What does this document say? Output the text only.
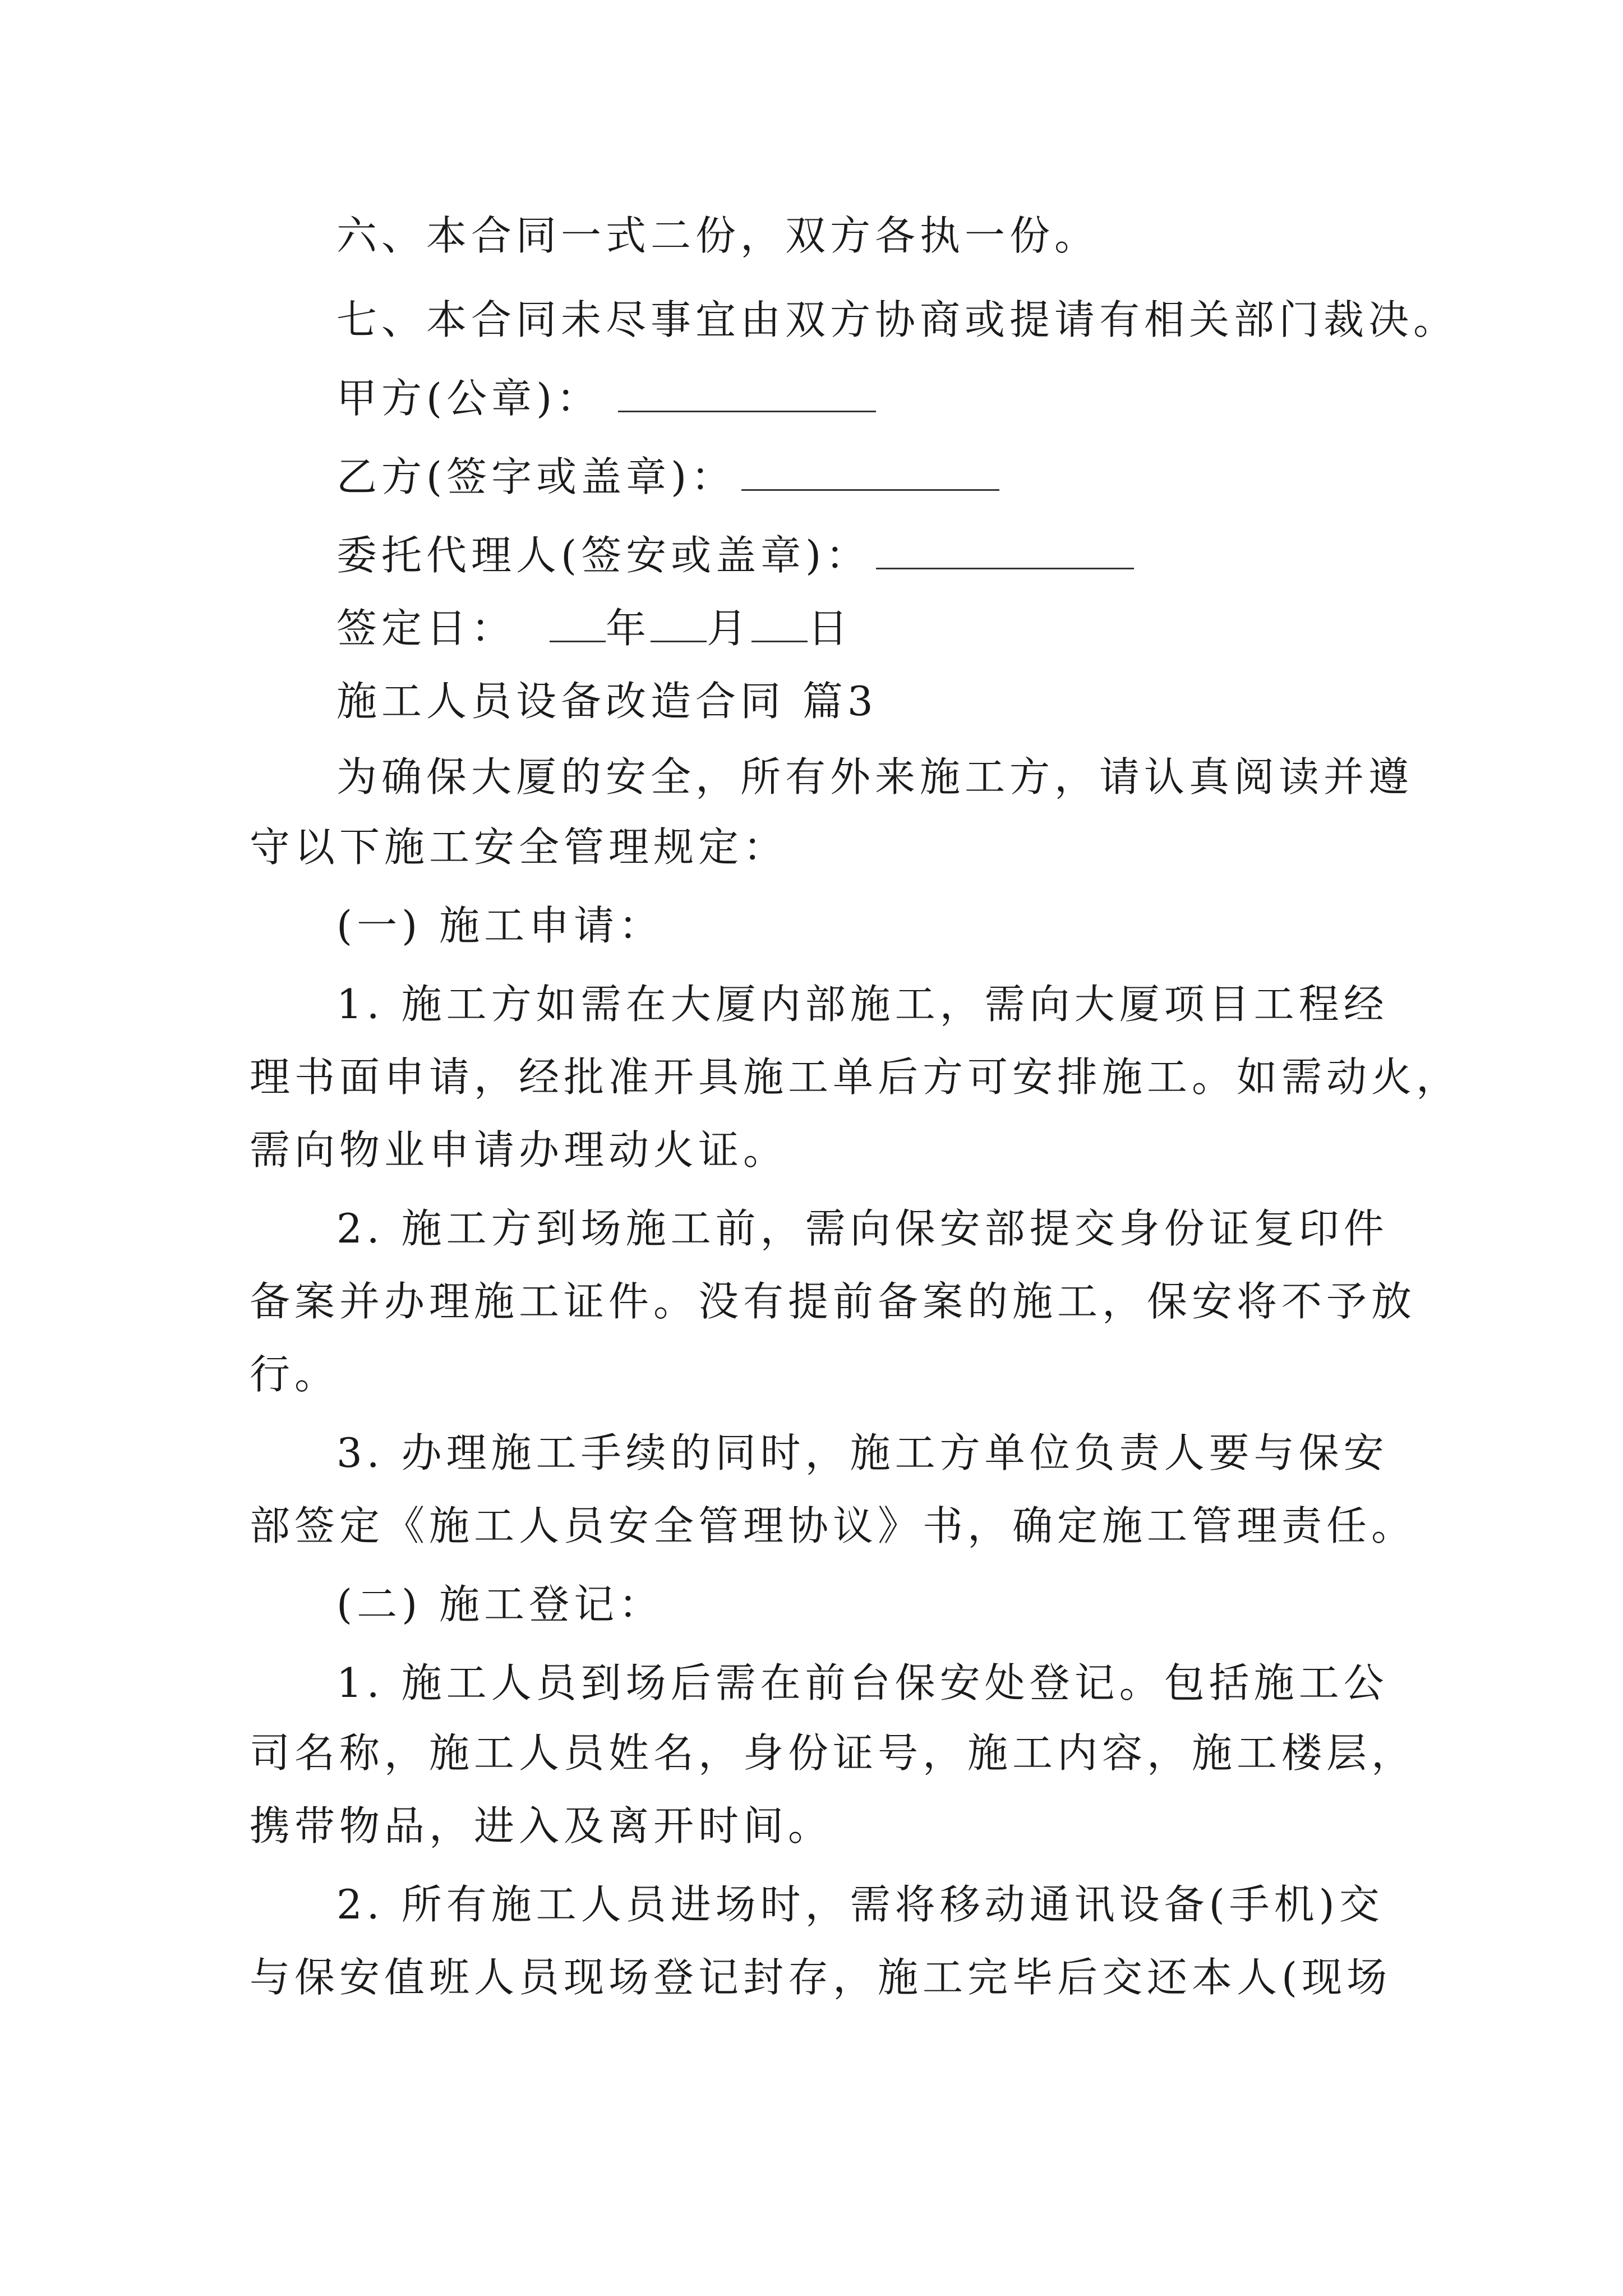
六、本合同一式二份，双方各执一份。
七、本合同未尽事宜由双方协商或提请有相关部门裁决。
甲方(公章)：
乙方(签字或盖章)：
委托代理人(签安或盖章)：
签定日： 年 月 日
施工人员设备改造合同 篇3
为确保大厦的安全，所有外来施工方，请认真阅读并遵
守以下施工安全管理规定：
(一) 施工申请：
1. 施工方如需在大厦内部施工，需向大厦项目工程经
理书面申请，经批准开具施工单后方可安排施工。如需动火，
需向物业申请办理动火证。
2. 施工方到场施工前，需向保安部提交身份证复印件
备案并办理施工证件。没有提前备案的施工，保安将不予放
行。
3. 办理施工手续的同时，施工方单位负责人要与保安
部签定《施工人员安全管理协议》书，确定施工管理责任。
(二) 施工登记：
1. 施工人员到场后需在前台保安处登记。包括施工公
司名称，施工人员姓名，身份证号，施工内容，施工楼层，
携带物品，进入及离开时间。
2. 所有施工人员进场时，需将移动通讯设备(手机)交
与保安值班人员现场登记封存，施工完毕后交还本人(现场
